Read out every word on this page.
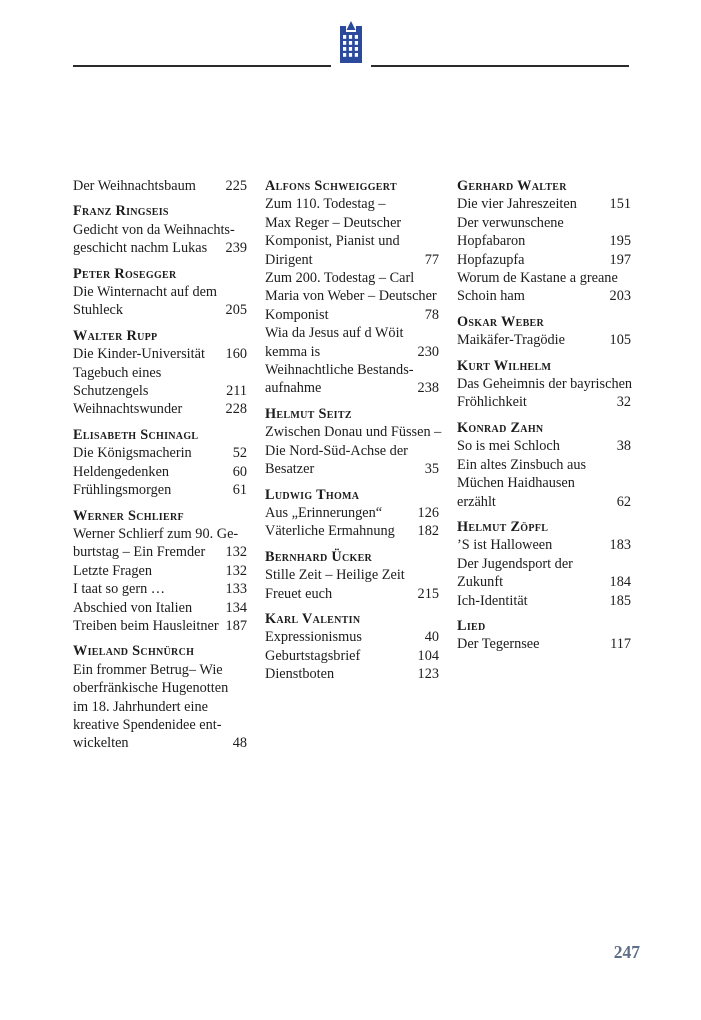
Der Weihnachtsbaum 225
Franz Ringseis
Gedicht von da Weihnachts-
geschicht nachm Lukas 239
Peter Rosegger
Die Winternacht auf dem
Stuhleck	205
Walter Rupp
Die Kinder-Universität 160
Tagebuch eines
Schutzengels	211
Weihnachtswunder	228
Elisabeth Schinagl
Die Königsmacherin	52
Heldengedenken	60
Frühlingsmorgen	61
Werner Schlierf
Werner Schlierf zum 90. Ge-
burtstag – Ein Fremder 132
Letzte Fragen	132
I taat so gern …	133
Abschied von Italien 134
Treiben beim Hausleitner 187
Wieland Schnürch
Ein frommer Betrug– Wie
oberfränkische Hugenotten
im 18. Jahrhundert eine
kreative Spendenidee ent-
wickelten	48
Alfons Schweiggert
Zum 110. Todestag –
Max Reger – Deutscher
Komponist, Pianist und
Dirigent	77
Zum 200. Todestag – Carl
Maria von Weber – Deutscher
Komponist	78
Wia da Jesus auf d Wöit
kemma is	230
Weihnachtliche Bestands-
aufnahme	238
Helmut Seitz
Zwischen Donau und Füssen –
Die Nord-Süd-Achse der
Besatzer	35
Ludwig Thoma
Aus „Erinnerungen“ 126
Väterliche Ermahnung 182
Bernhard Ücker
Stille Zeit – Heilige Zeit
Freuet euch	215
Karl Valentin
Expressionismus	40
Geburtstagsbrief	104
Dienstboten	123
Gerhard Walter
Die vier Jahreszeiten 151
Der verwunschene
Hopfabaron	195
Hopfazupfa	197
Worum de Kastane a greane
Schoin ham	203
Oskar Weber
Maikäfer-Tragödie	105
Kurt Wilhelm
Das Geheimnis der bayrischen
Fröhlichkeit	32
Konrad Zahn
So is mei Schloch	38
Ein altes Zinsbuch aus
Müchen Haidhausen
erzählt	62
Helmut Zöpfl
’S ist Halloween	183
Der Jugendsport der
Zukunft	184
Ich-Identität	185
Lied
Der Tegernsee	117
247
